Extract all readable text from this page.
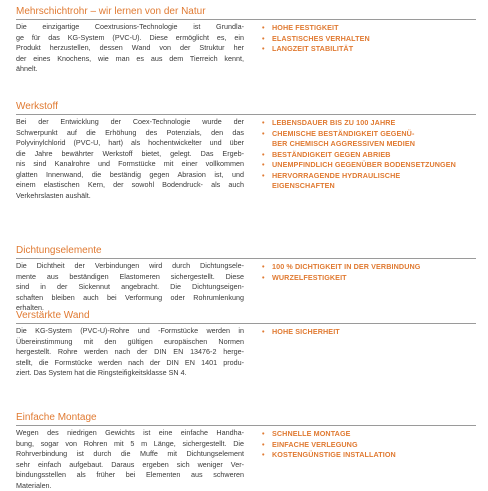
Mehrschichtrohr – wir lernen von der Natur
Die einzigartige Coextrusions-Technologie ist Grundla-
ge für das KG-System (PVC-U). Diese ermöglicht es, ein
Produkt herzustellen, dessen Wand von der Struktur her
der eines Knochens, wie man es aus dem Tierreich kennt,
ähnelt.
•	HOHE FESTIGKEIT
•	ELASTISCHES VERHALTEN
•	LANGZEIT STABILITÄT
Werkstoff
Bei der Entwicklung der Coex-Technologie wurde der
Schwerpunkt auf die Erhöhung des Potenzials, den das
Polyvinylchlorid (PVC-U, hart) als hochentwickelter und über
die Jahre bewährter Werkstoff bietet, gelegt. Das Ergeb-
nis sind Kanalrohre und Formstücke mit einer vollkommen
glatten Innenwand, die beständig gegen Abrasion ist, und
einem elastischen Kern, der sowohl Bodendruck- als auch
Verkehrslasten aushält.
•	LEBENSDAUER BIS ZU 100 JAHRE
•	CHEMISCHE BESTÄNDIGKEIT GEGENÜ-
BER CHEMISCH AGGRESSIVEN MEDIEN
•	BESTÄNDIGKEIT GEGEN ABRIEB
•	UNEMPFINDLICH GEGENÜBER BODENSETZUNGEN
•	HERVORRAGENDE HYDRAULISCHE
EIGENSCHAFTEN
Dichtungselemente
Die Dichtheit der Verbindungen wird durch Dichtungsele-
mente aus beständigen Elastomeren sichergestellt. Diese
sind in der Sickennut angebracht. Die Dichtungseigen-
schaften bleiben auch bei Verformung oder Rohrumlenkung
erhalten.
•	100 % DICHTIGKEIT IN DER VERBINDUNG
•	WURZELFESTIGKEIT
Verstärkte Wand
Die KG-System (PVC-U)-Rohre und -Formstücke werden in
Übereinstimmung mit den gültigen europäischen Normen
hergestellt. Rohre werden nach der DIN EN 13476-2 herge-
stellt, die Formstücke werden nach der DIN EN 1401 produ-
ziert. Das System hat die Ringsteifigkeitsklasse SN 4.
•	HOHE SICHERHEIT
Einfache Montage
Wegen des niedrigen Gewichts ist eine einfache Handha-
bung, sogar von Rohren mit 5 m Länge, sichergestellt. Die
Rohrverbindung ist durch die Muffe mit Dichtungselement
sehr einfach aufgebaut. Daraus ergeben sich weniger Ver-
bindungsstellen als früher bei Elementen aus schweren
Materialen.
•	SCHNELLE MONTAGE
•	EINFACHE VERLEGUNG
•	KOSTENGÜNSTIGE INSTALLATION
